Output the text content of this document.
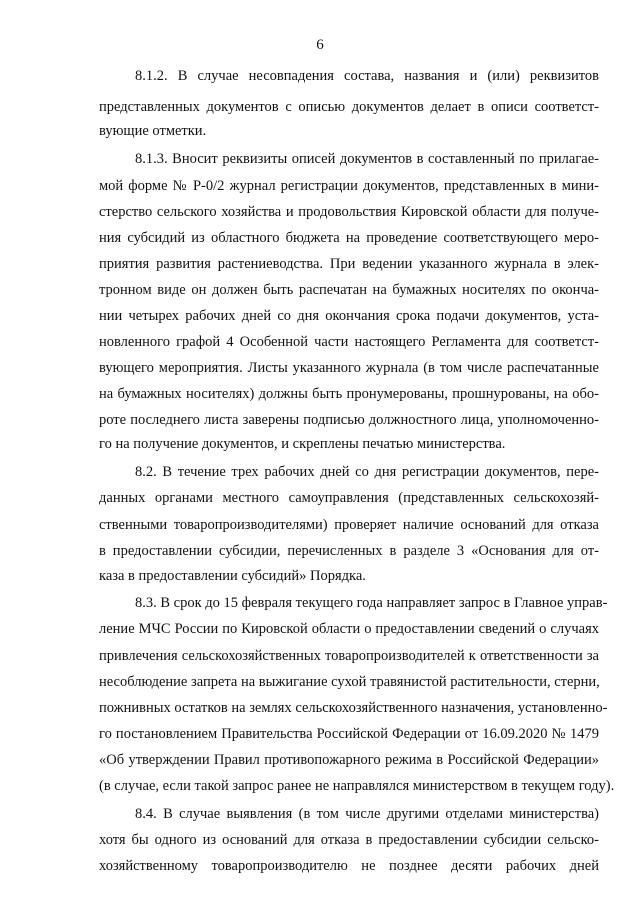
6
8.1.2. В случае несовпадения состава, названия и (или) реквизитов
представленных документов с описью документов делает в описи соответст-
вующие отметки.
8.1.3. Вносит реквизиты описей документов в составленный по прилагае-
мой форме № Р-0/2 журнал регистрации документов, представленных в мини-
стерство сельского хозяйства и продовольствия Кировской области для получе-
ния субсидий из областного бюджета на проведение соответствующего меро-
приятия развития растениеводства. При ведении указанного журнала в элек-
тронном виде он должен быть распечатан на бумажных носителях по оконча-
нии четырех рабочих дней со дня окончания срока подачи документов, уста-
новленного графой 4 Особенной части настоящего Регламента для соответст-
вующего мероприятия. Листы указанного журнала (в том числе распечатанные
на бумажных носителях) должны быть пронумерованы, прошнурованы, на обо-
роте последнего листа заверены подписью должностного лица, уполномоченно-
го на получение документов, и скреплены печатью министерства.
8.2. В течение трех рабочих дней со дня регистрации документов, пере-
данных органами местного самоуправления (представленных сельскохозяй-
ственными товаропроизводителями) проверяет наличие оснований для отказа
в предоставлении субсидии, перечисленных в разделе 3 «Основания для от-
каза в предоставлении субсидий» Порядка.
8.3. В срок до 15 февраля текущего года направляет запрос в Главное управ-
ление МЧС России по Кировской области о предоставлении сведений о случаях
привлечения сельскохозяйственных товаропроизводителей к ответственности за
несоблюдение запрета на выжигание сухой травянистой растительности, стерни,
пожнивных остатков на землях сельскохозяйственного назначения, установленно-
го постановлением Правительства Российской Федерации от 16.09.2020 № 1479
«Об утверждении Правил противопожарного режима в Российской Федерации»
(в случае, если такой запрос ранее не направлялся министерством в текущем году).
8.4. В случае выявления (в том числе другими отделами министерства)
хотя бы одного из оснований для отказа в предоставлении субсидии сельско-
хозяйственному товаропроизводителю не позднее десяти рабочих дней
